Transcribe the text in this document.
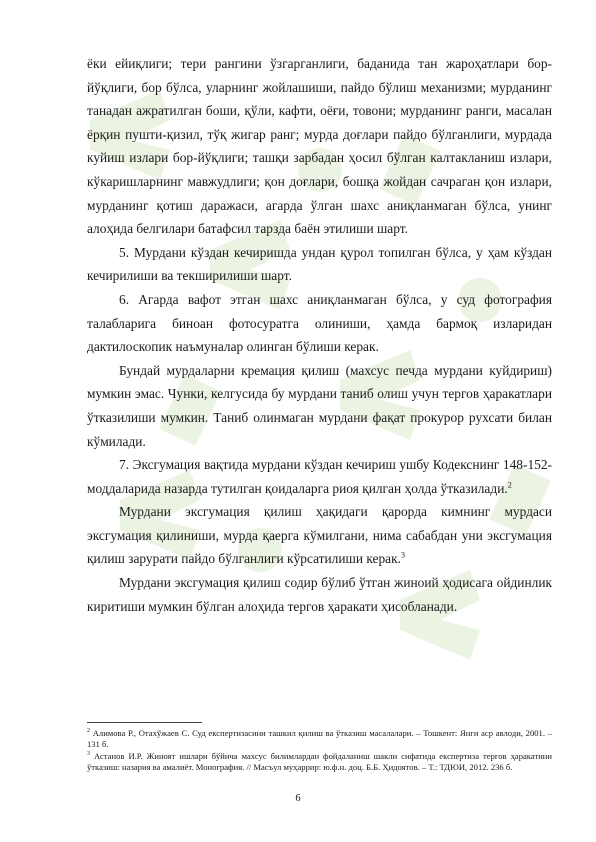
ёки ейиқлиги; тери рангини ўзгарганлиги, баданида тан жароҳатлари бор-йўқлиги, бор бўлса, уларнинг жойлашиши, пайдо бўлиш механизми; мурданинг танадан ажратилган боши, қўли, кафти, оёғи, товони; мурданинг ранги, масалан ёрқин пушти-қизил, тўқ жигар ранг; мурда доғлари пайдо бўлганлиги, мурдада куйиш излари бор-йўқлиги; ташқи зарбадан ҳосил бўлган калтакланиш излари, кўкаришларнинг мавжудлиги; қон доғлари, бошқа жойдан сачраган қон излари, мурданинг қотиш даражаси, агарда ўлган шахс аниқланмаган бўлса, унинг алоҳида белгилари батафсил тарзда баён этилиши шарт.

5. Мурдани кўздан кечиришда ундан қурол топилган бўлса, у ҳам кўздан кечирилиши ва текширилиши шарт.

6. Агарда вафот этган шахс аниқланмаган бўлса, у суд фотография талабларига биноан фотосуратга олиниши, ҳамда бармоқ изларидан дактилоскопик наъмуналар олинган бўлиши керак.

Бундай мурдаларни кремация қилиш (махсус печда мурдани куйдириш) мумкин эмас. Чунки, келгусида бу мурдани таниб олиш учун тергов ҳаракатлари ўтказилиши мумкин. Таниб олинмаган мурдани фақат прокурор рухсати билан кўмилади.

7. Эксгумация вақтида мурдани кўздан кечириш ушбу Кодекснинг 148-152-моддаларида назарда тутилган қоидаларга риоя қилган ҳолда ўтказилади.$^2$

Мурдани эксгумация қилиш ҳақидаги қарорда кимнинг мурдаси эксгумация қилиниши, мурда қаерга кўмилгани, нима сабабдан уни эксгумация қилиш зарурати пайдо бўлганлиги кўрсатилиши керак.$^3$

Мурдани эксгумация қилиш содир бўлиб ўтган жиноий ҳодисага ойдинлик киритиши мумкин бўлган алоҳида тергов ҳаракати ҳисобланади.

$^2$ Алимова Р., Отахўжаев С. Суд експертизасини ташкил қилиш ва ўтказиш масалалари. – Тошкент: Янги аср авлоди, 2001. – 131 б.

$^3$ Астанов И.Р. Жиноят ишлари бўйича махсус билимлардан фойдаланиш шакли сифатида експертиза тергов ҳаракатини ўтказиш: назария ва амалиёт. Монография. // Масъул муҳаррир: ю.ф.н. доц. Б.Б. Ҳидоятов. – Т.: ТДЮИ, 2012. 236 б.

6
